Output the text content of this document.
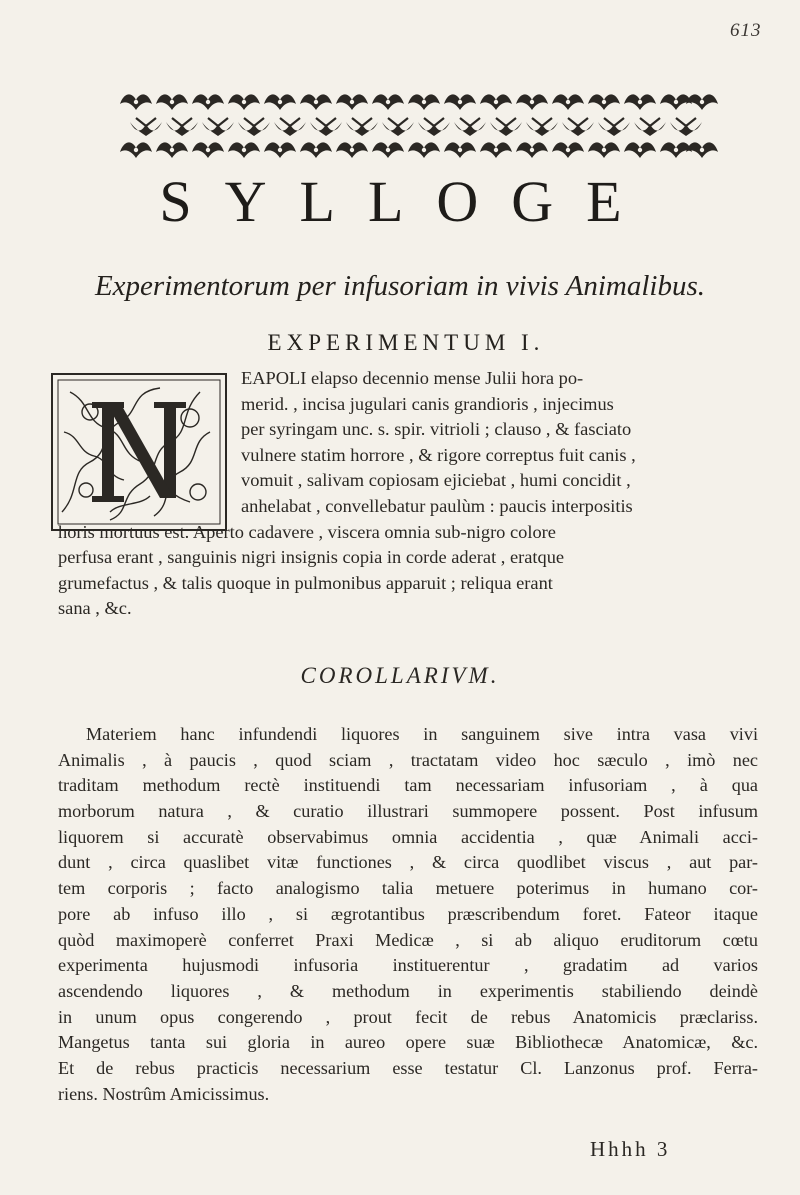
613
SYLLOGE
Experimentorum per infusoriam in vivis Animalibus.
EXPERIMENTUM I.
N	EAPOLI elapso decennio mense Julii hora po-
merid. , incisa jugulari canis grandioris , injecimus
per syringam unc. s. spir. vitrioli ; clauso , & fasciato
vulnere statim horrore , & rigore correptus fuit canis ,
vomuit , salivam copiosam ejiciebat , humi concidit ,
anhelabat , convellebatur paulùm : paucis interpositis
horis mortuus est. Aperto cadavere , viscera omnia sub-nigro colore
perfusa erant , sanguinis nigri insignis copia in corde aderat , eratque
grumefactus , & talis quoque in pulmonibus apparuit ; reliqua erant
sana , &c.
COROLLARIVM.
Materiem hanc infundendi liquores in sanguinem sive intra vasa vivi
Animalis , à paucis , quod sciam , tractatam video hoc sæculo , imò nec
traditam methodum rectè instituendi tam necessariam infusoriam , à qua
morborum natura , & curatio illustrari summopere possent. Post infusum
liquorem si accuratè observabimus omnia accidentia , quæ Animali acci-
dunt , circa quaslibet vitæ functiones , & circa quodlibet viscus , aut par-
tem corporis ; facto analogismo talia metuere poterimus in humano cor-
pore ab infuso illo , si ægrotantibus præscribendum foret. Fateor itaque
quòd maximoperè conferret Praxi Medicæ , si ab aliquo eruditorum cœtu
experimenta hujusmodi infusoria instituerentur , gradatim ad varios
ascendendo liquores , & methodum in experimentis stabiliendo deindè
in unum opus congerendo , prout fecit de rebus Anatomicis præclariss.
Mangetus tanta sui gloria in aureo opere suæ Bibliothecæ Anatomicæ, &c.
Et de rebus practicis necessarium esse testatur Cl. Lanzonus prof. Ferra-
riens. Nostrûm Amicissimus.
Hhhh 3
